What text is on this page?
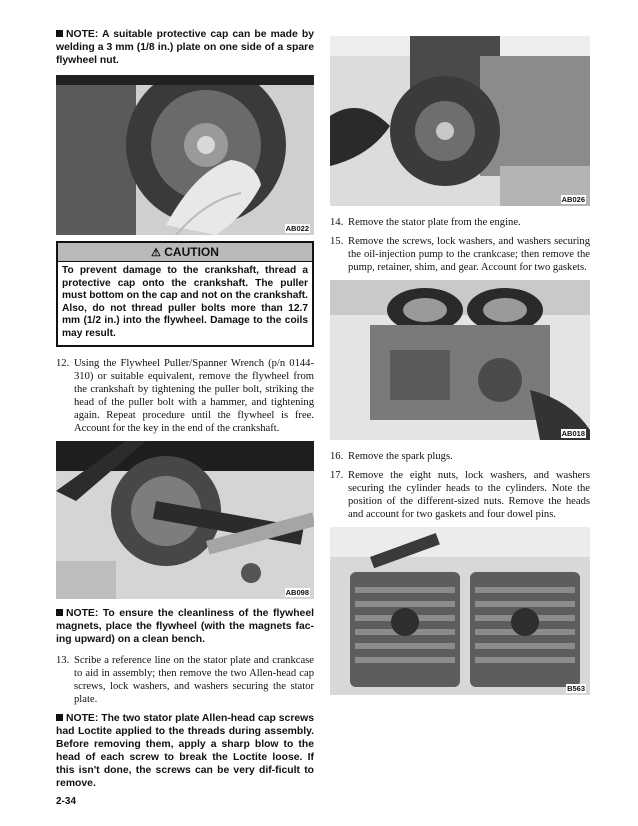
NOTE: A suitable protective cap can be made by welding a 3 mm (1/8 in.) plate on one side of a spare flywheel nut.

AB022
⚠ CAUTION
To prevent damage to the crankshaft, thread a protective cap onto the crankshaft. The puller must bottom on the cap and not on the crankshaft. Also, do not thread puller bolts more than 12.7 mm (1/2 in.) into the flywheel. Damage to the coils may result.

12. Using the Flywheel Puller/Spanner Wrench (p/n 0144-310) or suitable equivalent, remove the flywheel from the crankshaft by tightening the puller bolt, striking the head of the puller bolt with a hammer, and tightening again. Repeat procedure until the flywheel is free. Account for the key in the end of the crankshaft.

AB098

NOTE: To ensure the cleanliness of the flywheel magnets, place the flywheel (with the magnets fac-ing upward) on a clean bench.

13. Scribe a reference line on the stator plate and crankcase to aid in assembly; then remove the two Allen-head cap screws, lock washers, and washers securing the stator plate.

NOTE: The two stator plate Allen-head cap screws had Loctite applied to the threads during assembly. Before removing them, apply a sharp blow to the head of each screw to break the Loctite loose. If this isn't done, the screws can be very dif-ficult to remove.

AB026

14. Remove the stator plate from the engine.

15. Remove the screws, lock washers, and washers securing the oil-injection pump to the crankcase; then remove the pump, retainer, shim, and gear. Account for two gaskets.

AB018

16. Remove the spark plugs.

17. Remove the eight nuts, lock washers, and washers securing the cylinder heads to the cylinders. Note the position of the different-sized nuts. Remove the heads and account for two gaskets and four dowel pins.

B563
2-34
